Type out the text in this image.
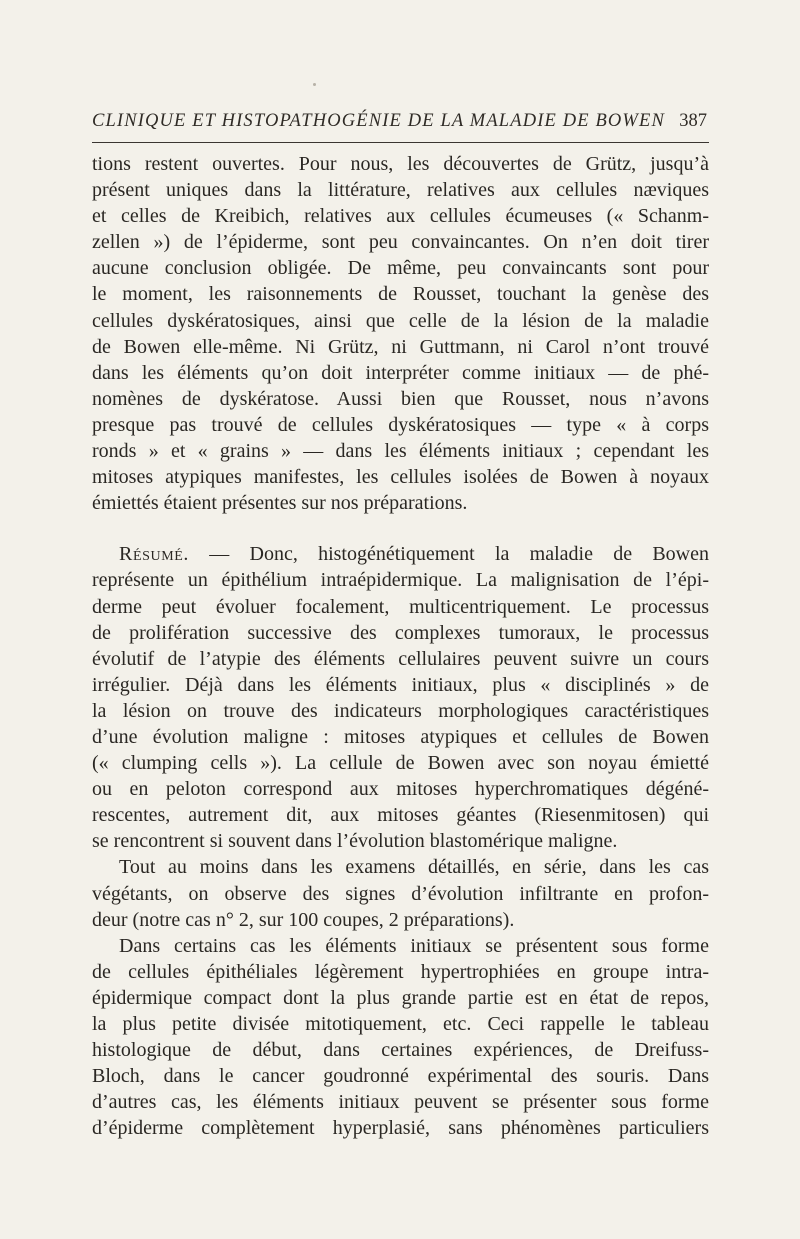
CLINIQUE ET HISTOPATHOGÉNIE DE LA MALADIE DE BOWEN 387
tions restent ouvertes. Pour nous, les découvertes de Grütz, jusqu’à
présent uniques dans la littérature, relatives aux cellules næviques
et celles de Kreibich, relatives aux cellules écumeuses (« Schanm-
zellen ») de l’épiderme, sont peu convaincantes. On n’en doit tirer
aucune conclusion obligée. De même, peu convaincants sont pour
le moment, les raisonnements de Rousset, touchant la genèse des
cellules dyskératosiques, ainsi que celle de la lésion de la maladie
de Bowen elle-même. Ni Grütz, ni Guttmann, ni Carol n’ont trouvé
dans les éléments qu’on doit interpréter comme initiaux — de phé-
nomènes de dyskératose. Aussi bien que Rousset, nous n’avons
presque pas trouvé de cellules dyskératosiques — type « à corps
ronds » et « grains » — dans les éléments initiaux ; cependant les
mitoses atypiques manifestes, les cellules isolées de Bowen à noyaux
émiettés étaient présentes sur nos préparations.
Résumé. — Donc, histogénétiquement la maladie de Bowen
représente un épithélium intraépidermique. La malignisation de l’épi-
derme peut évoluer focalement, multicentriquement. Le processus
de prolifération successive des complexes tumoraux, le processus
évolutif de l’atypie des éléments cellulaires peuvent suivre un cours
irrégulier. Déjà dans les éléments initiaux, plus « disciplinés » de
la lésion on trouve des indicateurs morphologiques caractéristiques
d’une évolution maligne : mitoses atypiques et cellules de Bowen
(« clumping cells »). La cellule de Bowen avec son noyau émietté
ou en peloton correspond aux mitoses hyperchromatiques dégéné-
rescentes, autrement dit, aux mitoses géantes (Riesenmitosen) qui
se rencontrent si souvent dans l’évolution blastomérique maligne.
Tout au moins dans les examens détaillés, en série, dans les cas
végétants, on observe des signes d’évolution infiltrante en profon-
deur (notre cas n° 2, sur 100 coupes, 2 préparations).
Dans certains cas les éléments initiaux se présentent sous forme
de cellules épithéliales légèrement hypertrophiées en groupe intra-
épidermique compact dont la plus grande partie est en état de repos,
la plus petite divisée mitotiquement, etc. Ceci rappelle le tableau
histologique de début, dans certaines expériences, de Dreifuss-
Bloch, dans le cancer goudronné expérimental des souris. Dans
d’autres cas, les éléments initiaux peuvent se présenter sous forme
d’épiderme complètement hyperplasié, sans phénomènes particuliers
